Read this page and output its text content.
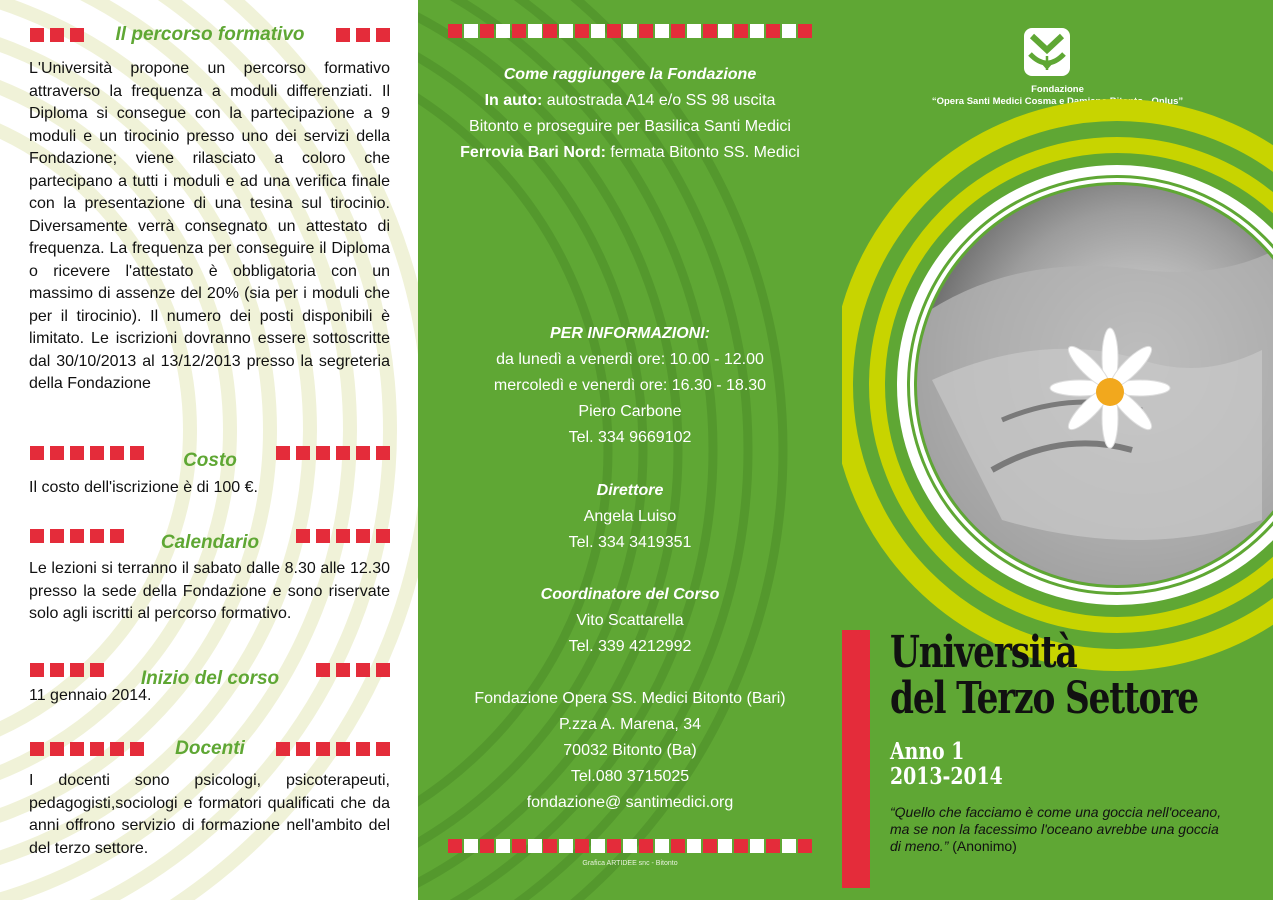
Il percorso formativo
L'Università propone un percorso formativo attraverso la frequenza a moduli differenziati. Il Diploma si consegue con la partecipazione a 9 moduli e un tirocinio presso uno dei servizi della Fondazione; viene rilasciato a coloro che partecipano a tutti i moduli e ad una verifica finale con la presentazione di una tesina sul tirocinio. Diversamente verrà consegnato un attestato di frequenza. La frequenza per conseguire il Diploma o ricevere l'attestato è obbligatoria con un massimo di assenze del 20% (sia per i moduli che per il tirocinio). Il numero dei posti disponibili è limitato. Le iscrizioni dovranno essere sottoscritte dal 30/10/2013 al 13/12/2013 presso la segreteria della Fondazione
Costo
Il costo dell'iscrizione è di 100 €.
Calendario
Le lezioni si terranno il sabato dalle 8.30 alle 12.30 presso la sede della Fondazione e sono riservate solo agli iscritti al percorso formativo.
Inizio del corso
11 gennaio 2014.
Docenti
I docenti sono psicologi, psicoterapeuti, pedagogisti,sociologi e formatori qualificati che da anni offrono servizio di formazione nell'ambito del del terzo settore.
Come raggiungere la Fondazione
In auto: autostrada A14 e/o SS 98 uscita
Bitonto e proseguire per Basilica Santi Medici
Ferrovia Bari Nord: fermata Bitonto SS. Medici
PER INFORMAZIONI:
da lunedì a venerdì ore: 10.00 - 12.00
mercoledì e venerdì ore: 16.30 - 18.30
Piero Carbone
Tel. 334 9669102
Direttore
Angela Luiso
Tel. 334 3419351
Coordinatore del Corso
Vito Scattarella
Tel. 339 4212992
Fondazione Opera SS. Medici Bitonto (Bari)
P.zza A. Marena, 34
70032 Bitonto (Ba)
Tel.080 3715025
fondazione@ santimedici.org
Grafica ARTIDEE snc - Bitonto
Fondazione
“Opera Santi Medici Cosma e Damiano Bitonto - Onlus”
Università
del Terzo Settore
Anno 1
2013-2014
“Quello che facciamo è come una goccia nell'oceano, ma se non la facessimo l'oceano avrebbe una goccia di meno.” (Anonimo)
